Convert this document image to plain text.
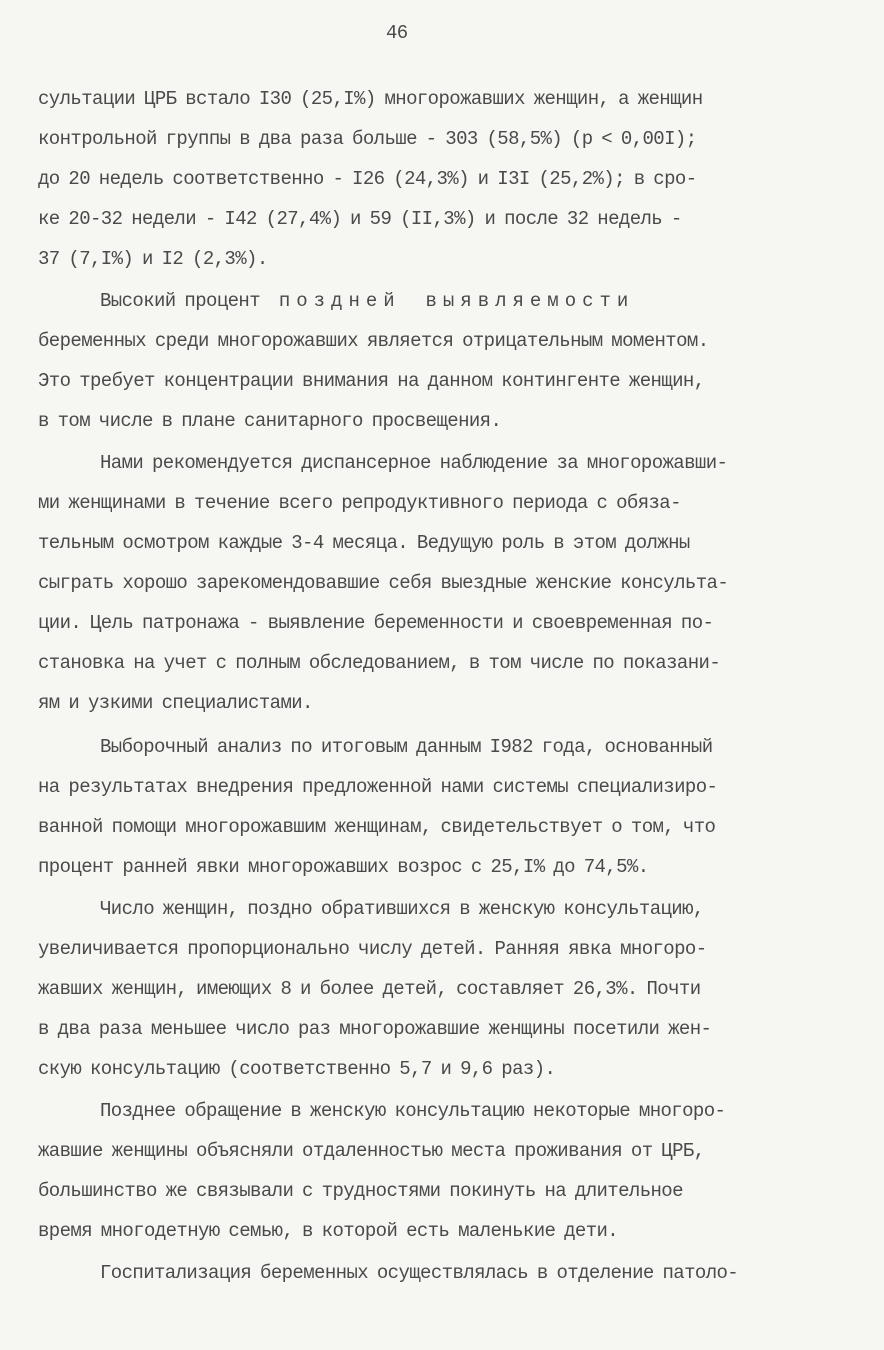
46
сультации ЦРБ встало I30 (25,I%) многорожавших женщин, а женщин
контрольной группы в два раза больше - 303 (58,5%) (p < 0,00I);
до 20 недель соответственно - I26 (24,3%) и I3I (25,2%); в сро-
ке 20-32 недели - I42 (27,4%) и 59 (II,3%) и после 32 недель -
37 (7,I%) и I2 (2,3%).
Высокий процент поздней выявляемости
беременных среди многорожавших является отрицательным моментом.
Это требует концентрации внимания на данном контингенте женщин,
в том числе в плане санитарного просвещения.
Нами рекомендуется диспансерное наблюдение за многорожавши-
ми женщинами в течение всего репродуктивного периода с обяза-
тельным осмотром каждые 3-4 месяца. Ведущую роль в этом должны
сыграть хорошо зарекомендовавшие себя выездные женские консульта-
ции. Цель патронажа - выявление беременности и своевременная по-
становка на учет с полным обследованием, в том числе по показани-
ям и узкими специалистами.
Выборочный анализ по итоговым данным I982 года, основанный
на результатах внедрения предложенной нами системы специализиро-
ванной помощи многорожавшим женщинам, свидетельствует о том, что
процент ранней явки многорожавших возрос с 25,I% до 74,5%.
Число женщин, поздно обратившихся в женскую консультацию,
увеличивается пропорционально числу детей. Ранняя явка многоро-
жавших женщин, имеющих 8 и более детей, составляет 26,3%. Почти
в два раза меньшее число раз многорожавшие женщины посетили жен-
скую консультацию (соответственно 5,7 и 9,6 раз).
Позднее обращение в женскую консультацию некоторые многоро-
жавшие женщины объясняли отдаленностью места проживания от ЦРБ,
большинство же связывали с трудностями покинуть на длительное
время многодетную семью, в которой есть маленькие дети.
Госпитализация беременных осуществлялась в отделение патоло-
